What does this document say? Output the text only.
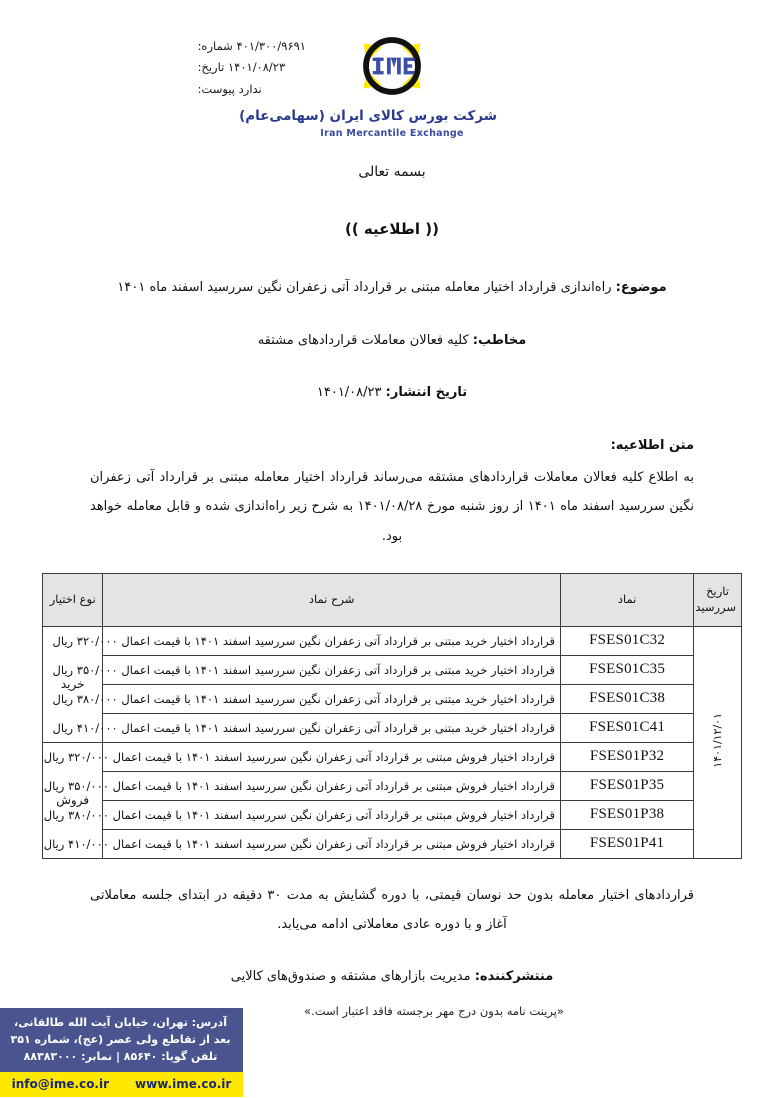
۴۰۱/۳۰۰/۹۶۹۱ شماره:
۱۴۰۱/۰۸/۲۳ تاریخ:
ندارد پیوست:
شرکت بورس کالای ایران (سهامی‌عام)
Iran Mercantile Exchange
بسمه تعالی
(( اطلاعیه ))
موضوع: راه‌اندازی قرارداد اختیار معامله مبتنی بر قرارداد آتی زعفران نگین سررسید اسفند ماه ۱۴۰۱
مخاطب: کلیه فعالان معاملات قراردادهای مشتقه
تاریخ انتشار: ۱۴۰۱/۰۸/۲۳
متن اطلاعیه:
به اطلاع کلیه فعالان معاملات قراردادهای مشتقه می‌رساند قرارداد اختیار معامله مبتنی بر قرارداد آتی زعفران نگین سررسید اسفند ماه ۱۴۰۱ از روز شنبه مورخ ۱۴۰۱/۰۸/۲۸ به شرح زیر راه‌اندازی شده و قابل معامله خواهد بود.
تاریخ سررسید	نماد	شرح نماد	نوع اختیار
۱۴۰۱/۱۲/۰۱	FSES01C32	قرارداد اختیار خرید مبتنی بر قرارداد آتی زعفران نگین سررسید اسفند ۱۴۰۱ با قیمت اعمال ۳۲۰/۰۰۰ ریال	خرید
	FSES01C35	قرارداد اختیار خرید مبتنی بر قرارداد آتی زعفران نگین سررسید اسفند ۱۴۰۱ با قیمت اعمال ۳۵۰/۰۰۰ ریال	
	FSES01C38	قرارداد اختیار خرید مبتنی بر قرارداد آتی زعفران نگین سررسید اسفند ۱۴۰۱ با قیمت اعمال ۳۸۰/۰۰۰ ریال	
	FSES01C41	قرارداد اختیار خرید مبتنی بر قرارداد آتی زعفران نگین سررسید اسفند ۱۴۰۱ با قیمت اعمال ۴۱۰/۰۰۰ ریال	
	FSES01P32	قرارداد اختیار فروش مبتنی بر قرارداد آتی زعفران نگین سررسید اسفند ۱۴۰۱ با قیمت اعمال ۳۲۰/۰۰۰ ریال	فروش
	FSES01P35	قرارداد اختیار فروش مبتنی بر قرارداد آتی زعفران نگین سررسید اسفند ۱۴۰۱ با قیمت اعمال ۳۵۰/۰۰۰ ریال	
	FSES01P38	قرارداد اختیار فروش مبتنی بر قرارداد آتی زعفران نگین سررسید اسفند ۱۴۰۱ با قیمت اعمال ۳۸۰/۰۰۰ ریال	
	FSES01P41	قرارداد اختیار فروش مبتنی بر قرارداد آتی زعفران نگین سررسید اسفند ۱۴۰۱ با قیمت اعمال ۴۱۰/۰۰۰ ریال	
قراردادهای اختیار معامله بدون حد نوسان قیمتی، با دوره گشایش به مدت ۳۰ دقیقه در ابتدای جلسه معاملاتی آغاز و با دوره عادی معاملاتی ادامه می‌یابد.
منتشرکننده: مدیریت بازارهای مشتقه و صندوق‌های کالایی
«پرینت نامه بدون درج مهر برجسته فاقد اعتبار است.»
آدرس: تهران، خیابان آیت الله طالقانی،
بعد از تقاطع ولی عصر (عج)، شماره ۳۵۱
تلفن گویا: ۸۵۶۴۰ | نمابر: ۸۸۳۸۳۰۰۰
info@ime.co.ir www.ime.co.ir
